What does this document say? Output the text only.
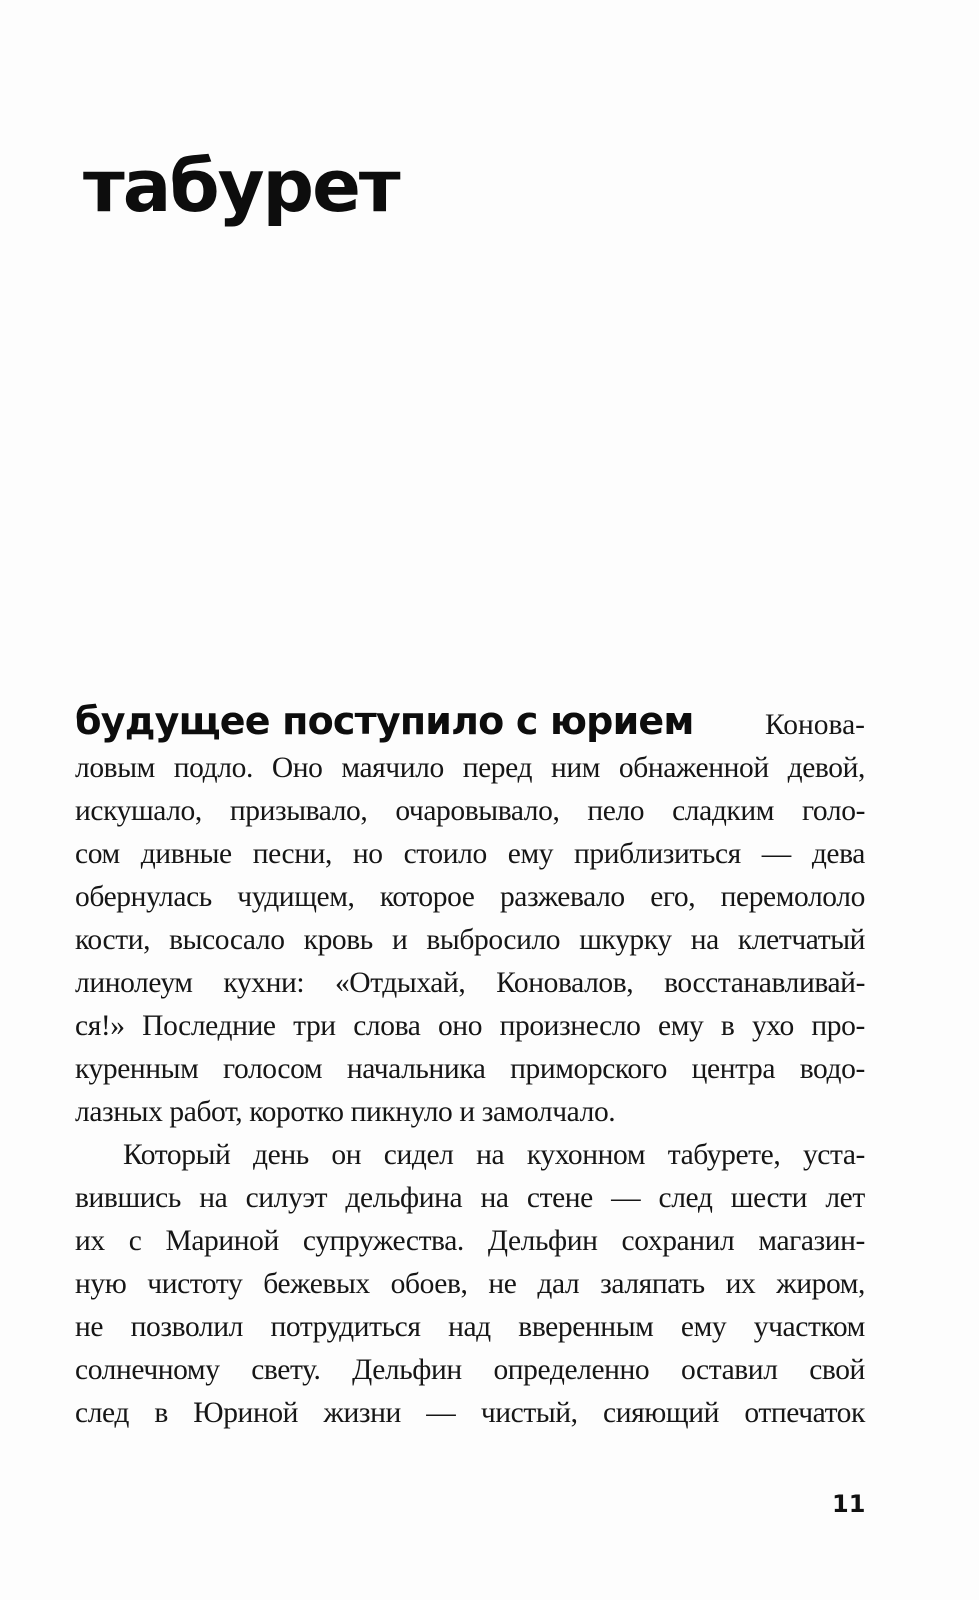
табурет
будущее поступило с юрием Конова-
ловым подло. Оно маячило перед ним обнаженной девой,
искушало, призывало, очаровывало, пело сладким голо-
сом дивные песни, но стоило ему приблизиться — дева
обернулась чудищем, которое разжевало его, перемололо
кости, высосало кровь и выбросило шкурку на клетчатый
линолеум кухни: «Отдыхай, Коновалов, восстанавливай-
ся!» Последние три слова оно произнесло ему в ухо про-
куренным голосом начальника приморского центра водо-
лазных работ, коротко пикнуло и замолчало.
Который день он сидел на кухонном табурете, уста-
вившись на силуэт дельфина на стене — след шести лет
их с Мариной супружества. Дельфин сохранил магазин-
ную чистоту бежевых обоев, не дал заляпать их жиром,
не позволил потрудиться над вверенным ему участком
солнечному свету. Дельфин определенно оставил свой
след в Юриной жизни — чистый, сияющий отпечаток
11
